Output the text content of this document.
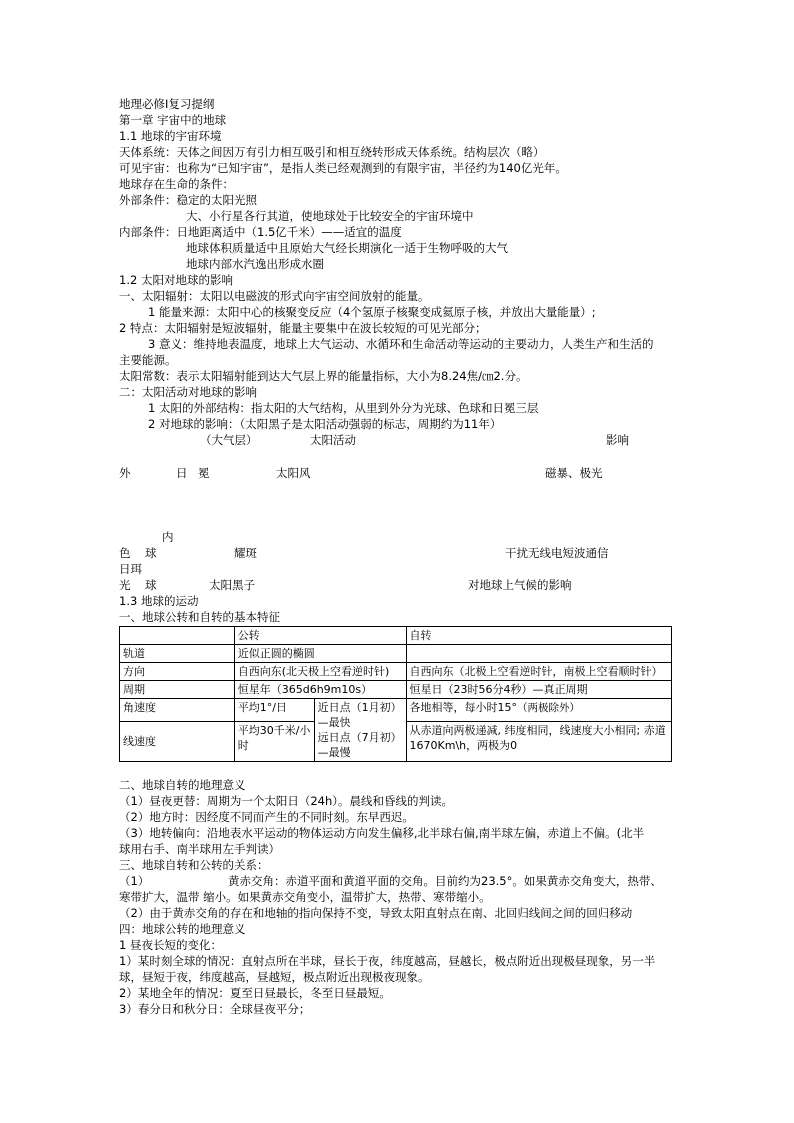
地理必修Ⅰ复习提纲
第一章 宇宙中的地球
1.1 地球的宇宙环境
天体系统：天体之间因万有引力相互吸引和相互绕转形成天体系统。结构层次（略）
可见宇宙：也称为“已知宇宙”，是指人类已经观测到的有限宇宙，半径约为140亿光年。
地球存在生命的条件：
外部条件：稳定的太阳光照
大、小行星各行其道，使地球处于比较安全的宇宙环境中
内部条件：日地距离适中（1.5亿千米）——适宜的温度
地球体积质量适中且原始大气经长期演化一适于生物呼吸的大气
地球内部水汽逸出形成水圈
1.2 太阳对地球的影响
一、太阳辐射：太阳以电磁波的形式向宇宙空间放射的能量。
1 能量来源：太阳中心的核聚变反应（4个氢原子核聚变成氦原子核，并放出大量能量）;
2 特点：太阳辐射是短波辐射，能量主要集中在波长较短的可见光部分；
3 意义：维持地表温度，地球上大气运动、水循环和生命活动等运动的主要动力，人类生产和生活的
主要能源。
太阳常数：表示太阳辐射能到达大气层上界的能量指标，大小为8.24焦/㎝2.分。
二：太阳活动对地球的影响
1 太阳的外部结构：指太阳的大气结构，从里到外分为光球、色球和日冕三层
2 对地球的影响：（太阳黑子是太阳活动强弱的标志，周期约为11年）
（大气层）	太阳活动	影响
外	日 冕	太阳风	磁暴、极光
内
色 球	耀斑	干扰无线电短波通信
日珥
光 球	太阳黑子	对地球上气候的影响
1.3 地球的运动
一、地球公转和自转的基本特征
	公转		自转
轨道	近似正圆的椭圆		
方向	自西向东(北天极上空看逆时针)		自西向东（北极上空看逆时针，南极上空看顺时针）
周期	恒星年（365d6h9m10s）		恒星日（23时56分4秒）—真正周期
角速度	平均1°/日	近日点（1月初）—最快
远日点（7月初）—最慢	各地相等，每小时15°（两极除外）
线速度	平均30千米/小时		从赤道向两极递减, 纬度相同，线速度大小相同; 赤道1670Km\h，两极为0
二、地球自转的地理意义
（1）昼夜更替：周期为一个太阳日（24h）。晨线和昏线的判读。
（2）地方时：因经度不同而产生的不同时刻。东早西迟。
（3）地转偏向：沿地表水平运动的物体运动方向发生偏移,北半球右偏,南半球左偏，赤道上不偏。(北半
球用右手、南半球用左手判读）
三、地球自转和公转的关系：
（1）	黄赤交角：赤道平面和黄道平面的交角。目前约为23.5°。如果黄赤交角变大，热带、
寒带扩大，温带 缩小。如果黄赤交角变小，温带扩大，热带、寒带缩小。
（2）由于黄赤交角的存在和地轴的指向保持不变，导致太阳直射点在南、北回归线间之间的回归移动
四：地球公转的地理意义
1 昼夜长短的变化：
1）某时刻全球的情况：直射点所在半球，昼长于夜，纬度越高，昼越长，极点附近出现极昼现象，另一半
球，昼短于夜，纬度越高，昼越短，极点附近出现极夜现象。
2）某地全年的情况：夏至日昼最长，冬至日昼最短。
3）春分日和秋分日：全球昼夜平分；
